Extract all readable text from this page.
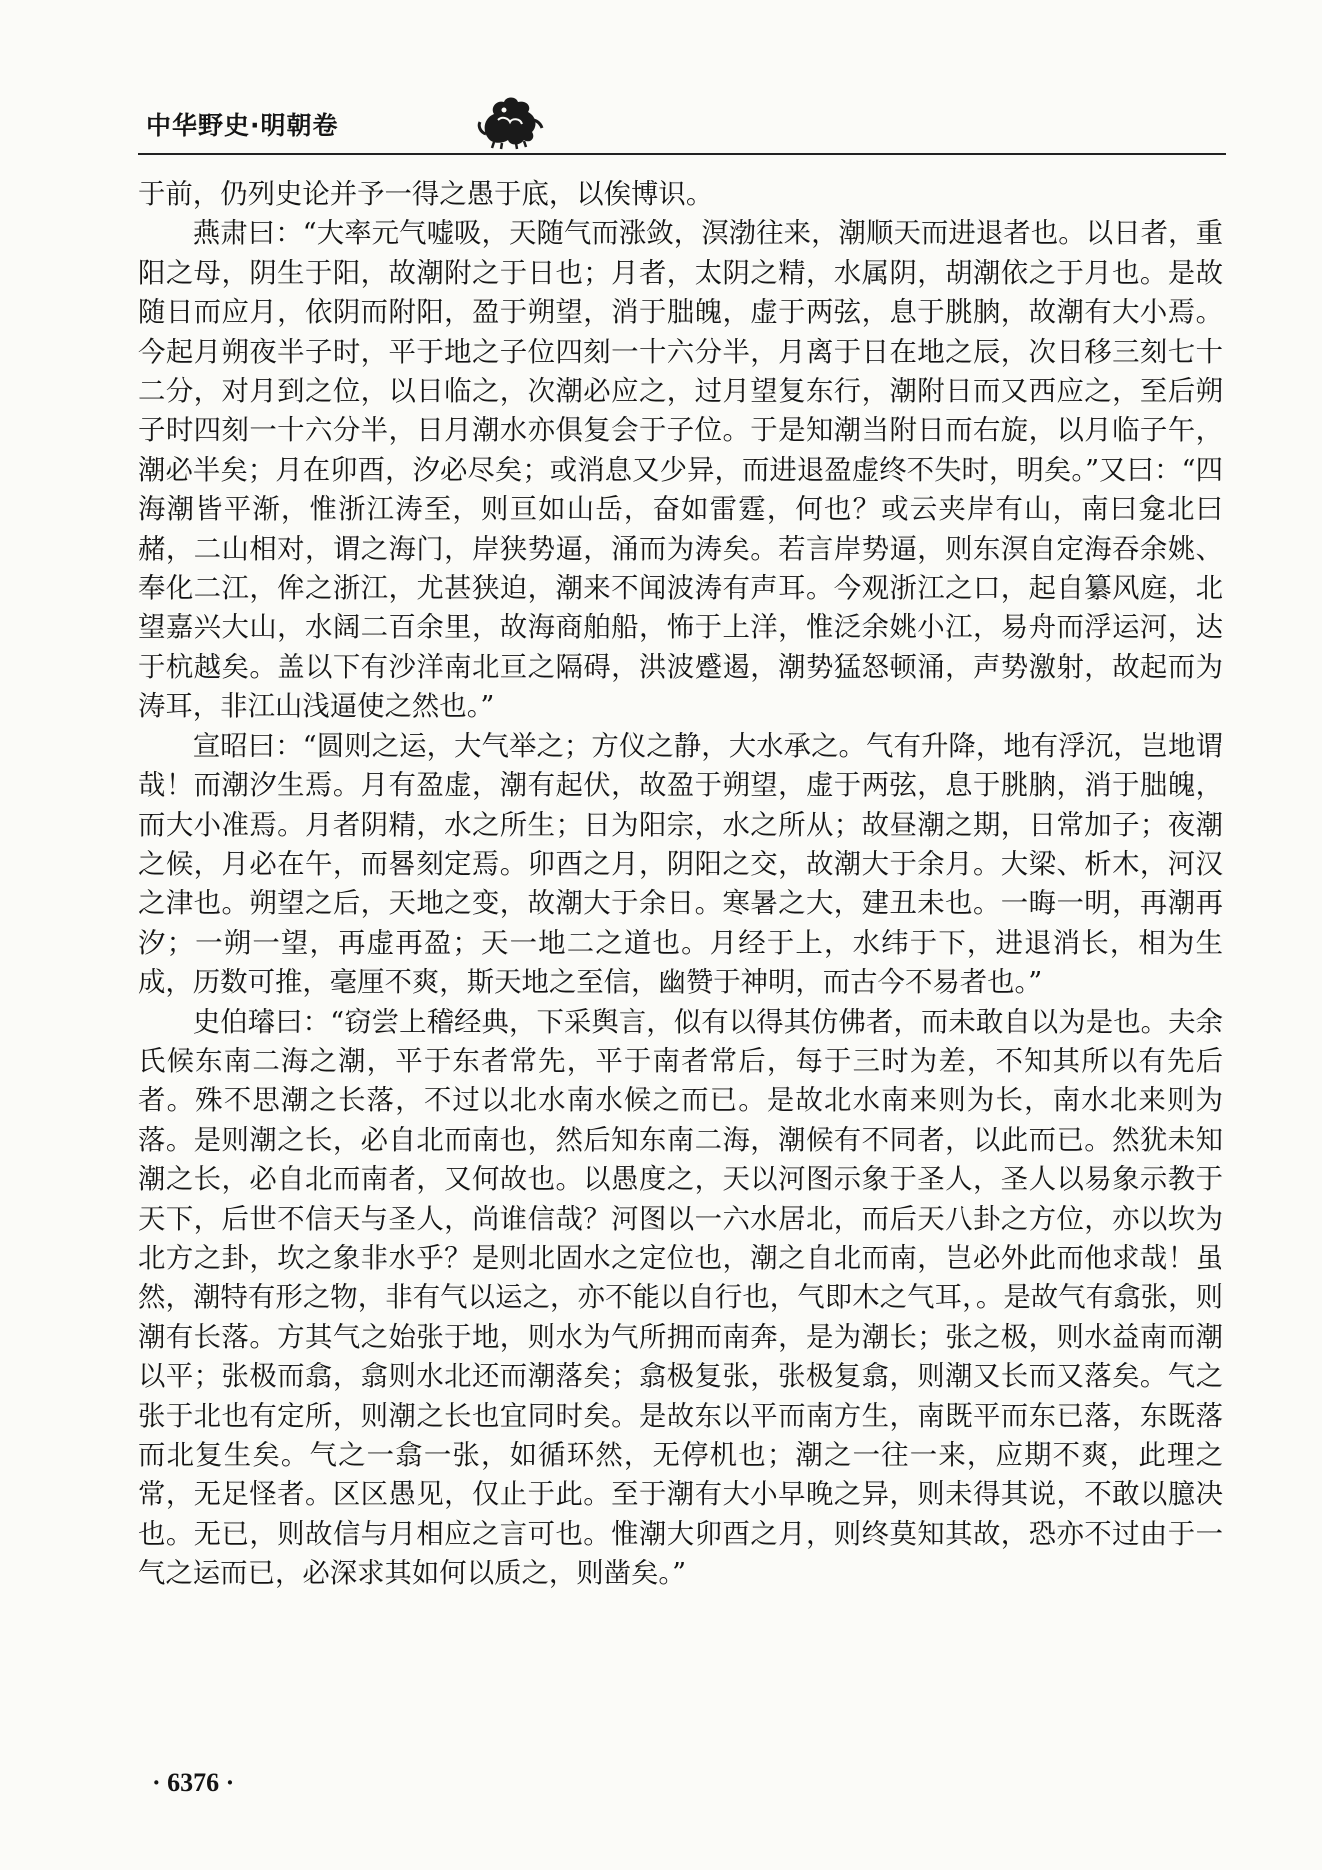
中华野史·明朝卷

于前，仍列史论并予一得之愚于底，以俟博识。

燕肃曰：“大率元气嘘吸，天随气而涨敛，溟渤往来，潮顺天而进退者也。以日者，重阳之母，阴生于阳，故潮附之于日也；月者，太阴之精，水属阴，胡潮依之于月也。是故随日而应月，依阴而附阳，盈于朔望，消于朏魄，虚于两弦，息于朓朒，故潮有大小焉。今起月朔夜半子时，平于地之子位四刻一十六分半，月离于日在地之辰，次日移三刻七十二分，对月到之位，以日临之，次潮必应之，过月望复东行，潮附日而又西应之，至后朔子时四刻一十六分半，日月潮水亦俱复会于子位。于是知潮当附日而右旋，以月临子午，潮必半矣；月在卯酉，汐必尽矣；或消息又少异，而进退盈虚终不失时，明矣。”又曰：“四海潮皆平渐，惟浙江涛至，则亘如山岳，奋如雷霆，何也？或云夹岸有山，南曰龛北曰赭，二山相对，谓之海门，岸狭势逼，涌而为涛矣。若言岸势逼，则东溟自定海吞余姚、奉化二江，侔之浙江，尤甚狭迫，潮来不闻波涛有声耳。今观浙江之口，起自纂风庭，北望嘉兴大山，水阔二百余里，故海商舶船，怖于上洋，惟泛余姚小江，易舟而浮运河，达于杭越矣。盖以下有沙洋南北亘之隔碍，洪波蹙遏，潮势猛怒顿涌，声势激射，故起而为涛耳，非江山浅逼使之然也。”

宣昭曰：“圆则之运，大气举之；方仪之静，大水承之。气有升降，地有浮沉，岂地谓哉！而潮汐生焉。月有盈虚，潮有起伏，故盈于朔望，虚于两弦，息于朓朒，消于朏魄，而大小准焉。月者阴精，水之所生；日为阳宗，水之所从；故昼潮之期，日常加子；夜潮之候，月必在午，而晷刻定焉。卯酉之月，阴阳之交，故潮大于余月。大梁、析木，河汉之津也。朔望之后，天地之变，故潮大于余日。寒暑之大，建丑未也。一晦一明，再潮再汐；一朔一望，再虚再盈；天一地二之道也。月经于上，水纬于下，进退消长，相为生成，历数可推，毫厘不爽，斯天地之至信，幽赞于神明，而古今不易者也。”

史伯璿曰：“窃尝上稽经典，下采舆言，似有以得其仿佛者，而未敢自以为是也。夫余氏候东南二海之潮，平于东者常先，平于南者常后，每于三时为差，不知其所以有先后者。殊不思潮之长落，不过以北水南水候之而已。是故北水南来则为长，南水北来则为落。是则潮之长，必自北而南也，然后知东南二海，潮候有不同者，以此而已。然犹未知潮之长，必自北而南者，又何故也。以愚度之，天以河图示象于圣人，圣人以易象示教于天下，后世不信天与圣人，尚谁信哉？河图以一六水居北，而后天八卦之方位，亦以坎为北方之卦，坎之象非水乎？是则北固水之定位也，潮之自北而南，岂必外此而他求哉！虽然，潮特有形之物，非有气以运之，亦不能以自行也，气即木之气耳，。是故气有翕张，则潮有长落。方其气之始张于地，则水为气所拥而南奔，是为潮长；张之极，则水益南而潮以平；张极而翕，翕则水北还而潮落矣；翕极复张，张极复翕，则潮又长而又落矣。气之张于北也有定所，则潮之长也宜同时矣。是故东以平而南方生，南既平而东已落，东既落而北复生矣。气之一翕一张，如循环然，无停机也；潮之一往一来，应期不爽，此理之常，无足怪者。区区愚见，仅止于此。至于潮有大小早晚之异，则未得其说，不敢以臆决也。无已，则故信与月相应之言可也。惟潮大卯酉之月，则终莫知其故，恐亦不过由于一气之运而已，必深求其如何以质之，则凿矣。”

· 6376 ·
